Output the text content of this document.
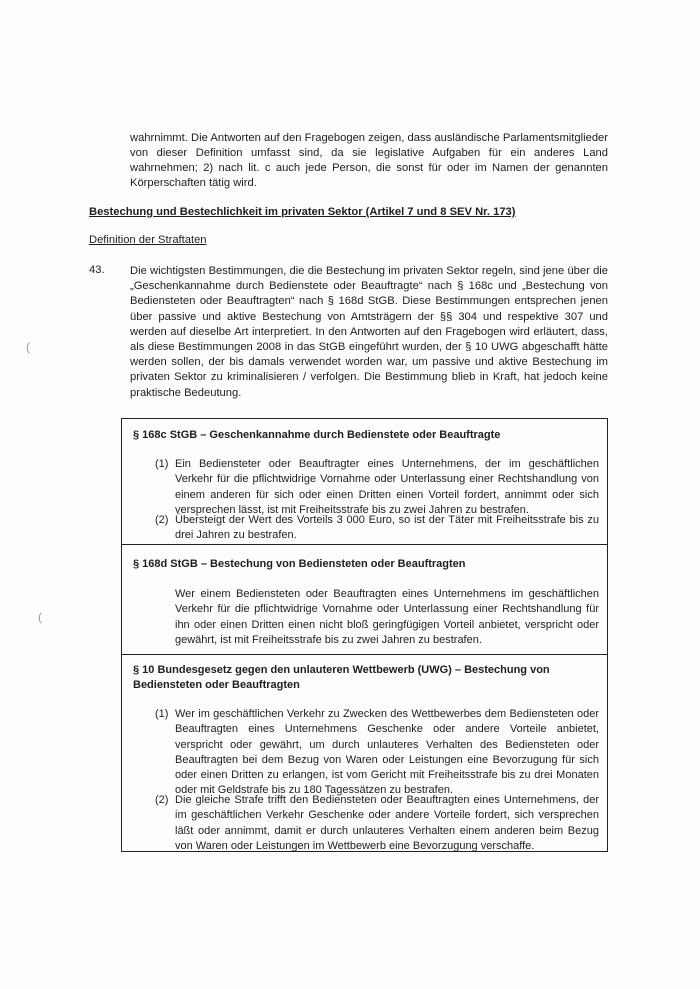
wahrnimmt. Die Antworten auf den Fragebogen zeigen, dass ausländische Parlamentsmitglieder von dieser Definition umfasst sind, da sie legislative Aufgaben für ein anderes Land wahrnehmen; 2) nach lit. c auch jede Person, die sonst für oder im Namen der genannten Körperschaften tätig wird.

Bestechung und Bestechlichkeit im privaten Sektor (Artikel 7 und 8 SEV Nr. 173)
Definition der Straftaten
43. Die wichtigsten Bestimmungen, die die Bestechung im privaten Sektor regeln, sind jene über die „Geschenkannahme durch Bedienstete oder Beauftragte“ nach § 168c und „Bestechung von Bediensteten oder Beauftragten“ nach § 168d StGB. Diese Bestimmungen entsprechen jenen über passive und aktive Bestechung von Amtsträgern der §§ 304 und respektive 307 und werden auf dieselbe Art interpretiert. In den Antworten auf den Fragebogen wird erläutert, dass, als diese Bestimmungen 2008 in das StGB eingeführt wurden, der § 10 UWG abgeschafft hätte werden sollen, der bis damals verwendet worden war, um passive und aktive Bestechung im privaten Sektor zu kriminalisieren / verfolgen. Die Bestimmung blieb in Kraft, hat jedoch keine praktische Bedeutung.

(
(
§ 168c StGB – Geschenkannahme durch Bedienstete oder Beauftragte
(1) Ein Bediensteter oder Beauftragter eines Unternehmens, der im geschäftlichen Verkehr für die pflichtwidrige Vornahme oder Unterlassung einer Rechtshandlung von einem anderen für sich oder einen Dritten einen Vorteil fordert, annimmt oder sich versprechen lässt, ist mit Freiheitsstrafe bis zu zwei Jahren zu bestrafen.
(2) Übersteigt der Wert des Vorteils 3 000 Euro, so ist der Täter mit Freiheitsstrafe bis zu drei Jahren zu bestrafen.
§ 168d StGB – Bestechung von Bediensteten oder Beauftragten

Wer einem Bediensteten oder Beauftragten eines Unternehmens im geschäftlichen Verkehr für die pflichtwidrige Vornahme oder Unterlassung einer Rechtshandlung für ihn oder einen Dritten einen nicht bloß geringfügigen Vorteil anbietet, verspricht oder gewährt, ist mit Freiheitsstrafe bis zu zwei Jahren zu bestrafen.

§ 10 Bundesgesetz gegen den unlauteren Wettbewerb (UWG) – Bestechung von Bediensteten oder Beauftragten
(1) Wer im geschäftlichen Verkehr zu Zwecken des Wettbewerbes dem Bediensteten oder Beauftragten eines Unternehmens Geschenke oder andere Vorteile anbietet, verspricht oder gewährt, um durch unlauteres Verhalten des Bediensteten oder Beauftragten bei dem Bezug von Waren oder Leistungen eine Bevorzugung für sich oder einen Dritten zu erlangen, ist vom Gericht mit Freiheitsstrafe bis zu drei Monaten oder mit Geldstrafe bis zu 180 Tagessätzen zu bestrafen.
(2) Die gleiche Strafe trifft den Bediensteten oder Beauftragten eines Unternehmens, der im geschäftlichen Verkehr Geschenke oder andere Vorteile fordert, sich versprechen läßt oder annimmt, damit er durch unlauteres Verhalten einem anderen beim Bezug von Waren oder Leistungen im Wettbewerb eine Bevorzugung verschaffe.
